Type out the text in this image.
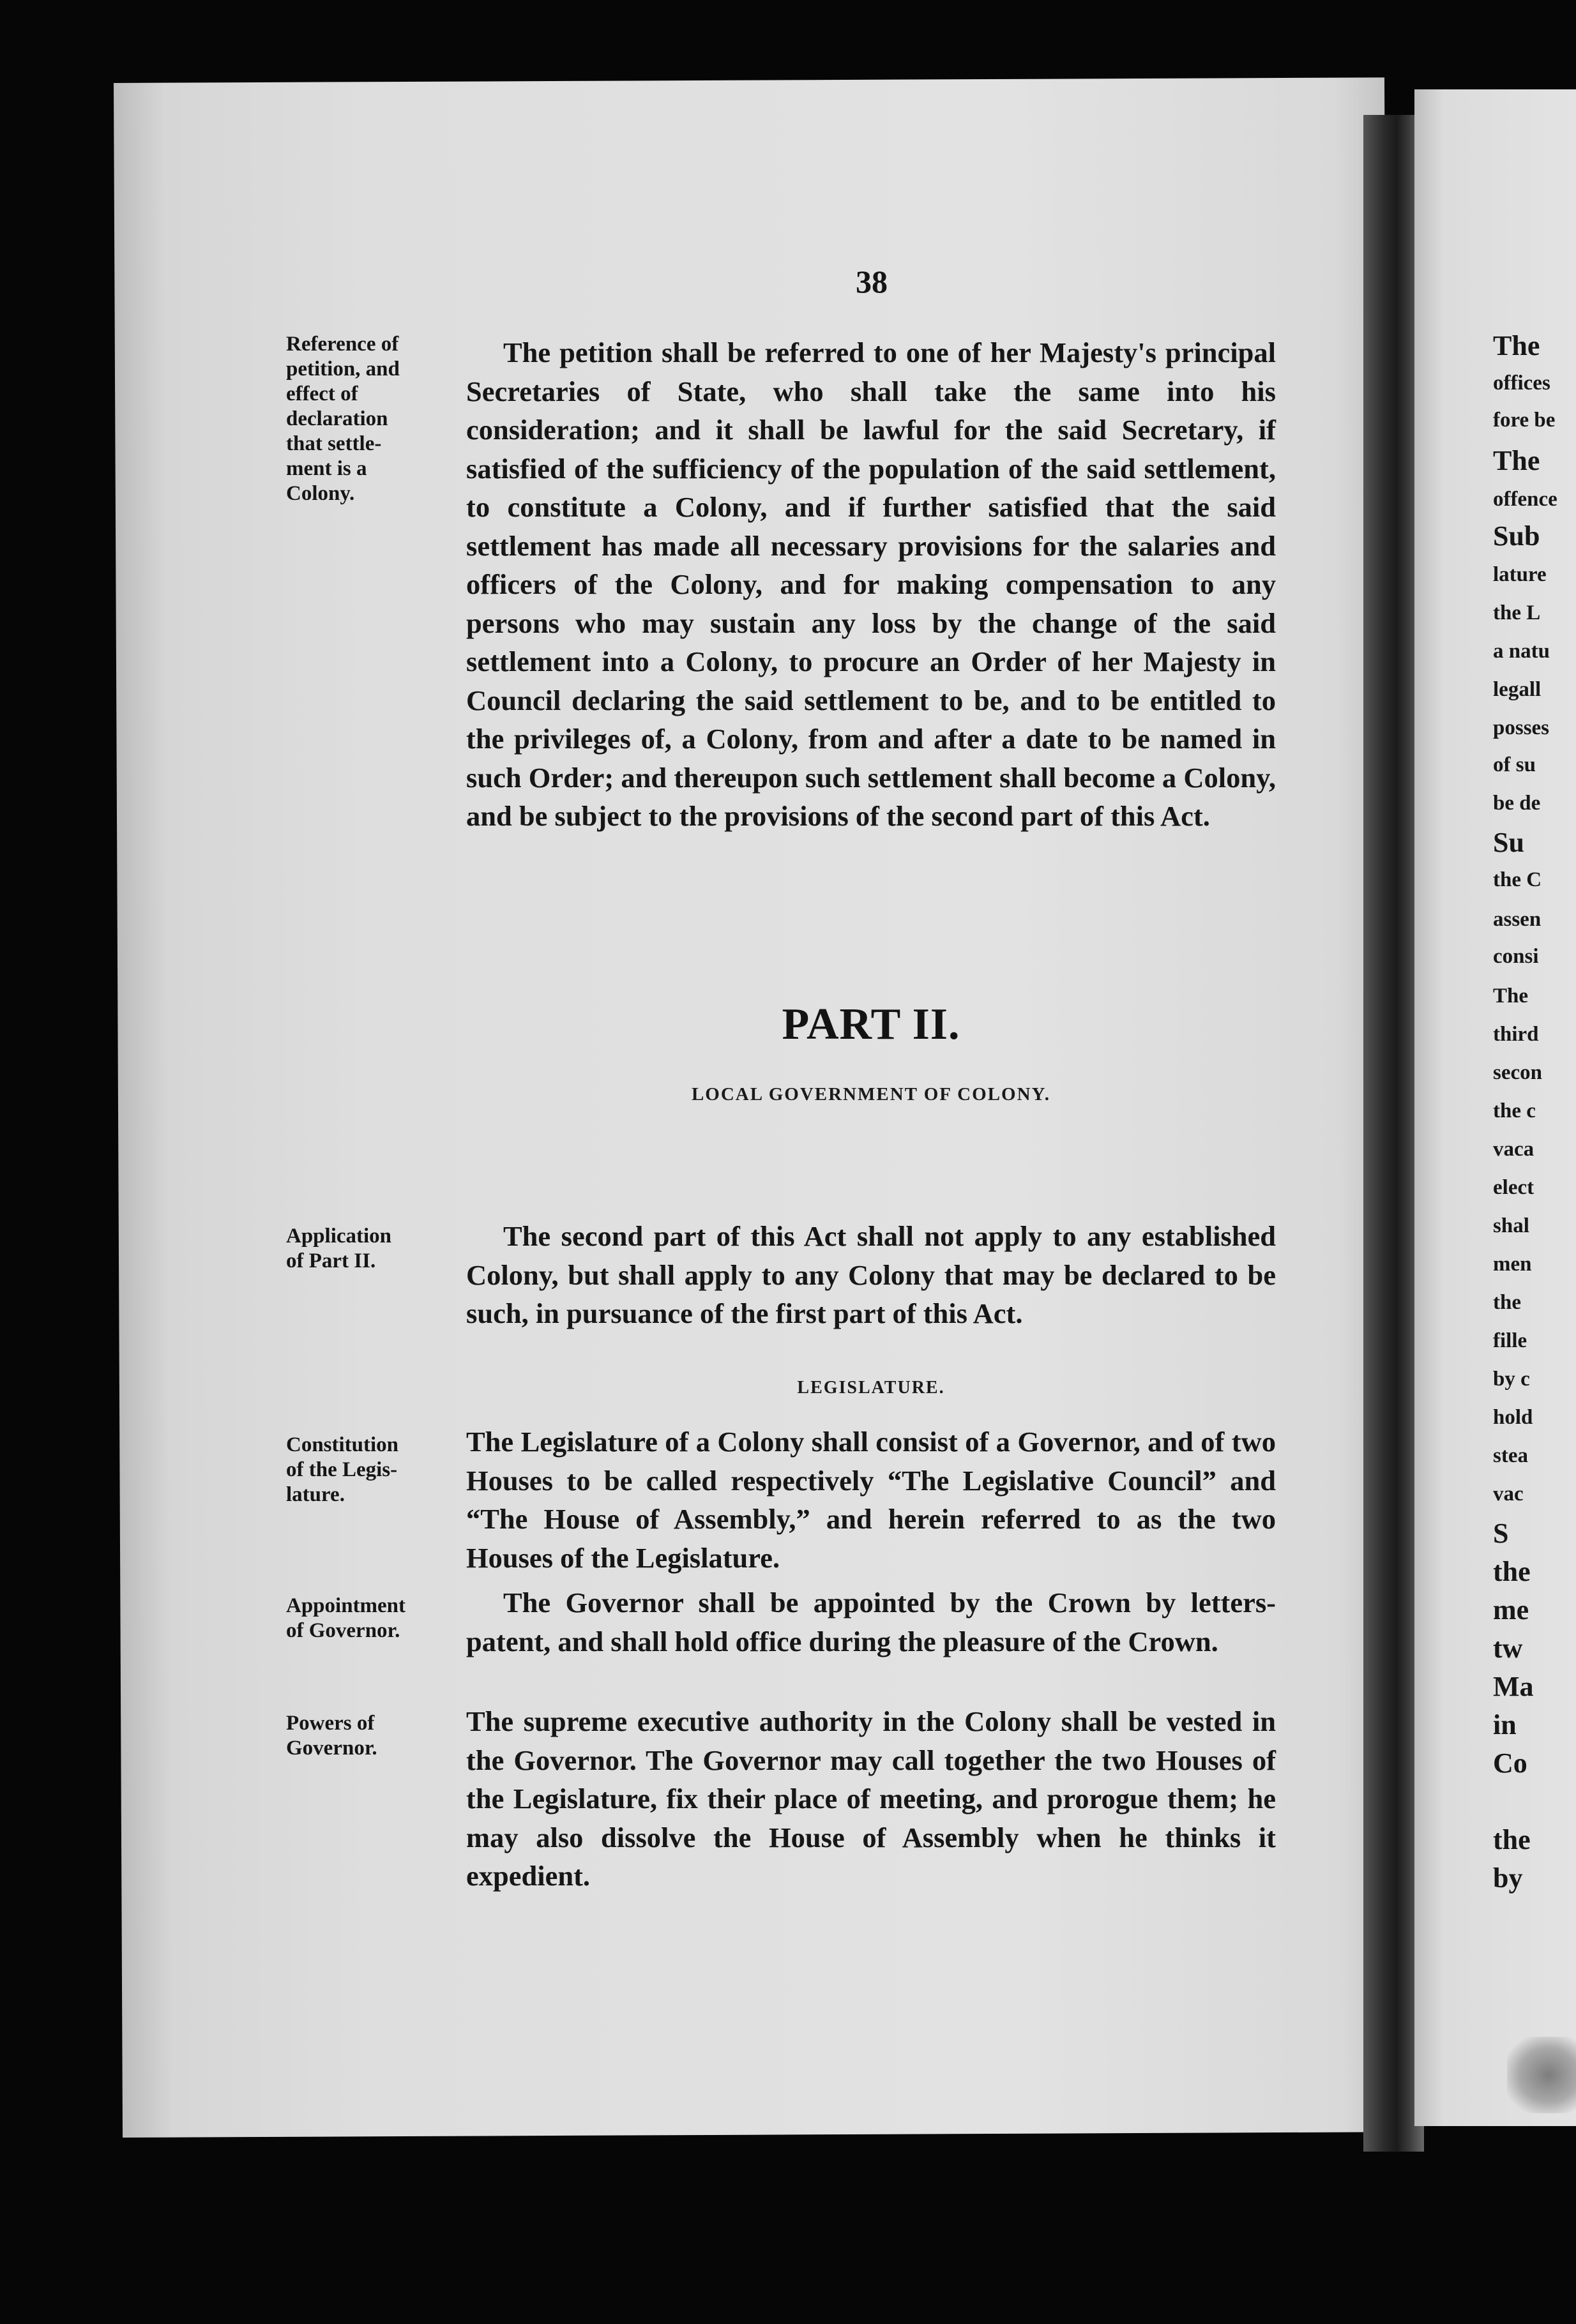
38
Reference of
petition, and
effect of
declaration
that settle-
ment is a
Colony.
The petition shall be referred to one of her Majesty's principal Secretaries of State, who shall take the same into his consideration; and it shall be lawful for the said Secretary, if satisfied of the sufficiency of the population of the said settlement, to constitute a Colony, and if further satisfied that the said settlement has made all necessary provisions for the salaries and officers of the Colony, and for making compensation to any persons who may sustain any loss by the change of the said settlement into a Colony, to procure an Order of her Majesty in Council declaring the said settlement to be, and to be entitled to the privileges of, a Colony, from and after a date to be named in such Order; and thereupon such settlement shall become a Colony, and be subject to the provisions of the second part of this Act.
PART II.
LOCAL GOVERNMENT OF COLONY.
Application
of Part II.
The second part of this Act shall not apply to any established Colony, but shall apply to any Colony that may be declared to be such, in pursuance of the first part of this Act.
LEGISLATURE.
Constitution
of the Legis-
lature.
The Legislature of a Colony shall consist of a Governor, and of two Houses to be called respectively “The Legislative Council” and “The House of Assembly,” and herein referred to as the two Houses of the Legislature.
Appointment
of Governor.
The Governor shall be appointed by the Crown by letters-patent, and shall hold office during the pleasure of the Crown.
Powers of
Governor.
The supreme executive authority in the Colony shall be vested in the Governor. The Governor may call together the two Houses of the Legislature, fix their place of meeting, and prorogue them; he may also dissolve the House of Assembly when he thinks it expedient.
The
offices
fore be
The
offence
Sub
lature
the L
a natu
legall
posses
of su
be de
Su
the C
assen
consi
The
third
secon
the c
vaca
elect
shal
men
the
fille
by c
hold
stea
vac
S
the
me
tw
Ma
in
Co
the
by
